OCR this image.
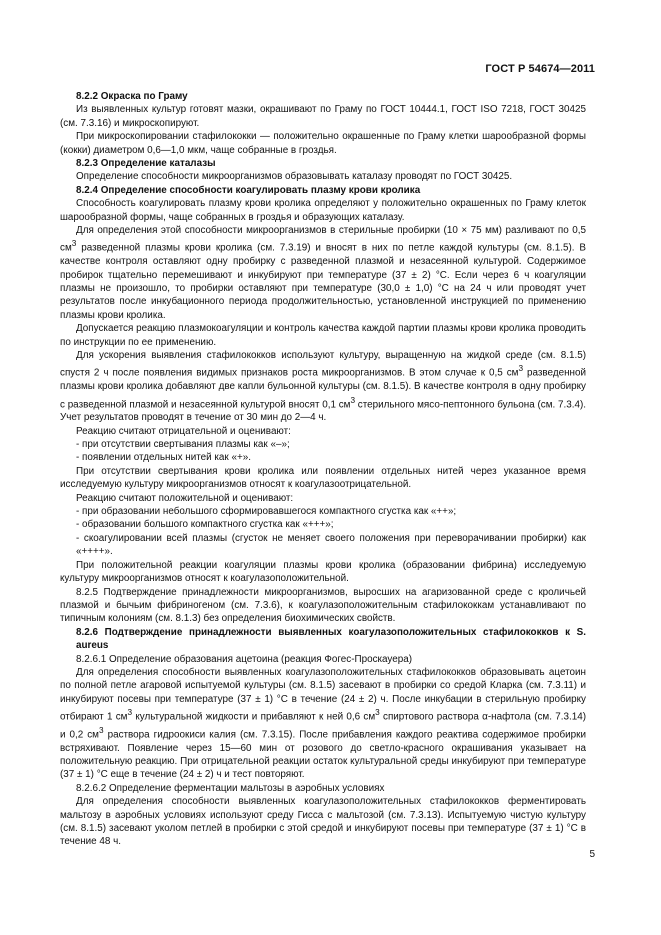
ГОСТ Р 54674—2011

8.2.2 Окраска по Граму

Из выявленных культур готовят мазки, окрашивают по Граму по ГОСТ 10444.1, ГОСТ ISO 7218, ГОСТ 30425 (см. 7.3.16) и микроскопируют.

При микроскопировании стафилококки — положительно окрашенные по Граму клетки шарообразной формы (кокки) диаметром 0,6—1,0 мкм, чаще собранные в гроздья.

8.2.3 Определение каталазы

Определение способности микроорганизмов образовывать каталазу проводят по ГОСТ 30425.

8.2.4 Определение способности коагулировать плазму крови кролика

Способность коагулировать плазму крови кролика определяют у положительно окрашенных по Граму клеток шарообразной формы, чаще собранных в гроздья и образующих каталазу.

Для определения этой способности микроорганизмов в стерильные пробирки (10 × 75 мм) разливают по 0,5 $см^3$ разведенной плазмы крови кролика (см. 7.3.19) и вносят в них по петле каждой культуры (см. 8.1.5). В качестве контроля оставляют одну пробирку с разведенной плазмой и незасеянной культурой. Содержимое пробирок тщательно перемешивают и инкубируют при температуре (37 ± 2) °С. Если через 6 ч коагуляции плазмы не произошло, то пробирки оставляют при температуре (30,0 ± 1,0) °С на 24 ч или проводят учет результатов после инкубационного периода продолжительностью, установленной инструкцией по применению плазмы крови кролика.

Допускается реакцию плазмокоагуляции и контроль качества каждой партии плазмы крови кролика проводить по инструкции по ее применению.

Для ускорения выявления стафилококков используют культуру, выращенную на жидкой среде (см. 8.1.5) спустя 2 ч после появления видимых признаков роста микроорганизмов. В этом случае к 0,5 $см^3$ разведенной плазмы крови кролика добавляют две капли бульонной культуры (см. 8.1.5). В качестве контроля в одну пробирку с разведенной плазмой и незасеянной культурой вносят 0,1 $см^3$ стерильного мясо-пептонного бульона (см. 7.3.4). Учет результатов проводят в течение от 30 мин до 2—4 ч.

Реакцию считают отрицательной и оценивают:

- при отсутствии свертывания плазмы как «–»;

- появлении отдельных нитей как «+».

При отсутствии свертывания крови кролика или появлении отдельных нитей через указанное время исследуемую культуру микроорганизмов относят к коагулазоотрицательной.

Реакцию считают положительной и оценивают:

- при образовании небольшого сформировавшегося компактного сгустка как «++»;

- образовании большого компактного сгустка как «+++»;

- скоагулировании всей плазмы (сгусток не меняет своего положения при переворачивании пробирки) как «++++».

При положительной реакции коагуляции плазмы крови кролика (образовании фибрина) исследуемую культуру микроорганизмов относят к коагулазоположительной.

8.2.5 Подтверждение принадлежности микроорганизмов, выросших на агаризованной среде с кроличьей плазмой и бычьим фибриногеном (см. 7.3.6), к коагулазоположительным стафилококкам устанавливают по типичным колониям (см. 8.1.3) без определения биохимических свойств.

8.2.6 Подтверждение принадлежности выявленных коагулазоположительных стафилококков к S. aureus

8.2.6.1 Определение образования ацетоина (реакция Фогес-Проскауера)

Для определения способности выявленных коагулазоположительных стафилококков образовывать ацетоин по полной петле агаровой испытуемой культуры (см. 8.1.5) засевают в пробирки со средой Кларка (см. 7.3.11) и инкубируют посевы при температуре (37 ± 1) °С в течение (24 ± 2) ч. После инкубации в стерильную пробирку отбирают 1 $см^3$ культуральной жидкости и прибавляют к ней 0,6 $см^3$ спиртового раствора α-нафтола (см. 7.3.14) и 0,2 $см^3$ раствора гидроокиси калия (см. 7.3.15). После прибавления каждого реактива содержимое пробирки встряхивают. Появление через 15—60 мин от розового до светло-красного окрашивания указывает на положительную реакцию. При отрицательной реакции остаток культуральной среды инкубируют при температуре (37 ± 1) °С еще в течение (24 ± 2) ч и тест повторяют.

8.2.6.2 Определение ферментации мальтозы в аэробных условиях

Для определения способности выявленных коагулазоположительных стафилококков ферментировать мальтозу в аэробных условиях используют среду Гисса с мальтозой (см. 7.3.13). Испытуемую чистую культуру (см. 8.1.5) засевают уколом петлей в пробирки с этой средой и инкубируют посевы при температуре (37 ± 1) °С в течение 48 ч.

5
